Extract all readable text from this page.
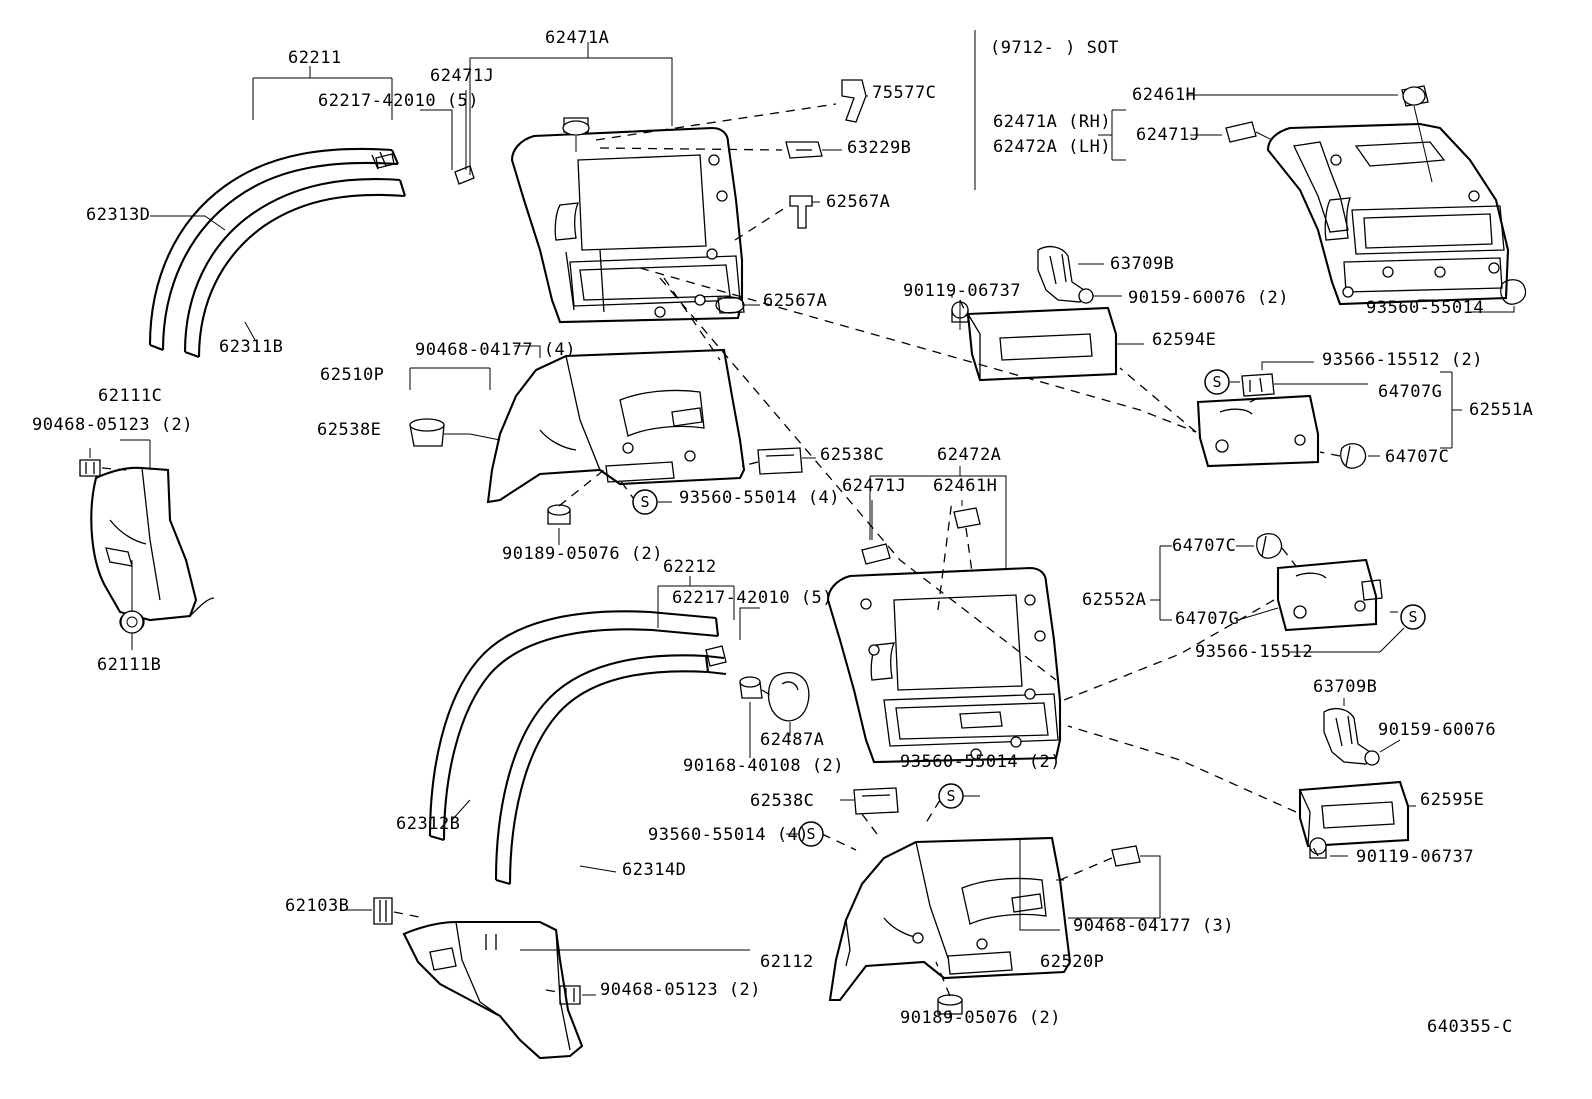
S
S
S
S
S
62211
62217-42010 (5)
62313D
62311B
62471J
62471A
75577C
63229B
62567A
62567A
62111C
90468-05123 (2)
62111B
90468-04177 (4)
62510P
62538E
62538C
93560-55014 (4)
90189-05076 (2)
62212
62217-42010 (5)
62312B
62314D
62487A
90168-40108 (2)
62103B
90468-05123 (2)
62112
62472A
62471J 62461H
93560-55014 (2)
62538C
93560-55014 (4)
90468-04177 (3)
62520P
90189-05076 (2)
90119-06737
63709B
90159-60076 (2)
62594E
93566-15512 (2)
64707G
62551A
64707C
64707C
62552A
64707G
93566-15512
63709B
90159-60076
62595E
90119-06737
(9712- ) SOT
62461H
62471A (RH)
62472A (LH)
62471J
93560-55014
640355-C
